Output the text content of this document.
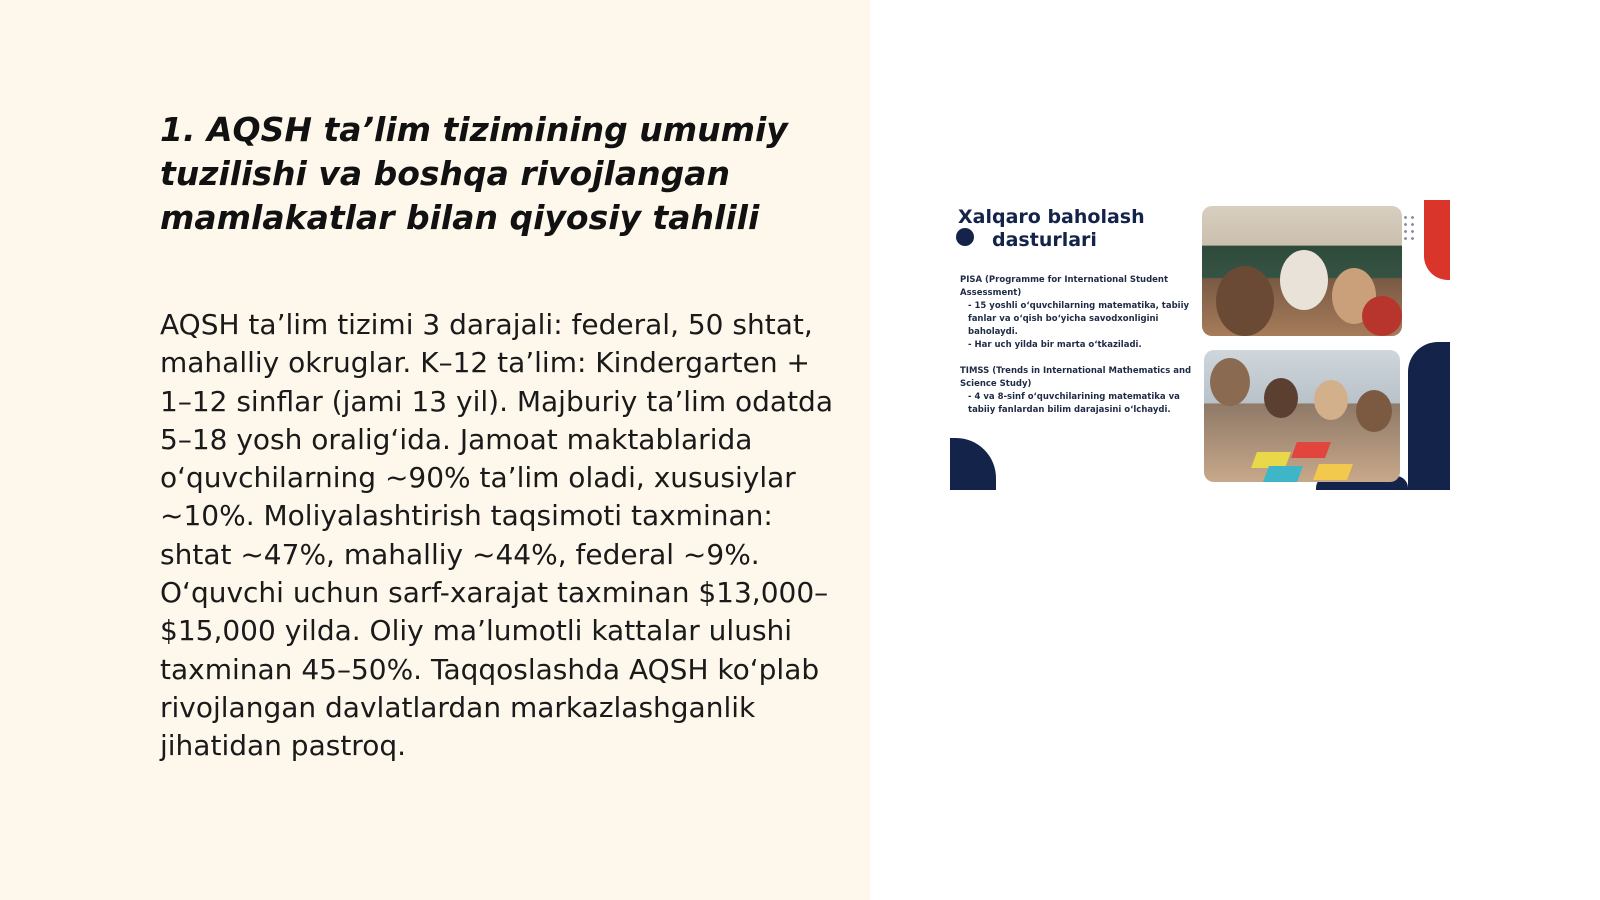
1. AQSH ta’lim tizimining umumiy tuzilishi va boshqa rivojlangan mamlakatlar bilan qiyosiy tahlili

AQSH ta’lim tizimi 3 darajali: federal, 50 shtat, mahalliy okruglar. K–12 ta’lim: Kindergarten + 1–12 sinflar (jami 13 yil). Majburiy ta’lim odatda 5–18 yosh oralig‘ida. Jamoat maktablarida o‘quvchilarning ~90% ta’lim oladi, xususiylar ~10%. Moliyalashtirish taqsimoti taxminan: shtat ~47%, mahalliy ~44%, federal ~9%. O‘quvchi uchun sarf-xarajat taxminan $13,000–$15,000 yilda. Oliy ma’lumotli kattalar ulushi taxminan 45–50%. Taqqoslashda AQSH ko‘plab rivojlangan davlatlardan markazlashganlik jihatidan pastroq.

Xalqaro baholash
dasturlari
PISA (Programme for International Student Assessment)
- 15 yoshli o‘quvchilarning matematika, tabiiy fanlar va o‘qish bo‘yicha savodxonligini baholaydi.
- Har uch yilda bir marta o‘tkaziladi.
TIMSS (Trends in International Mathematics and Science Study)
- 4 va 8-sinf o‘quvchilarining matematika va tabiiy fanlardan bilim darajasini o‘lchaydi.
